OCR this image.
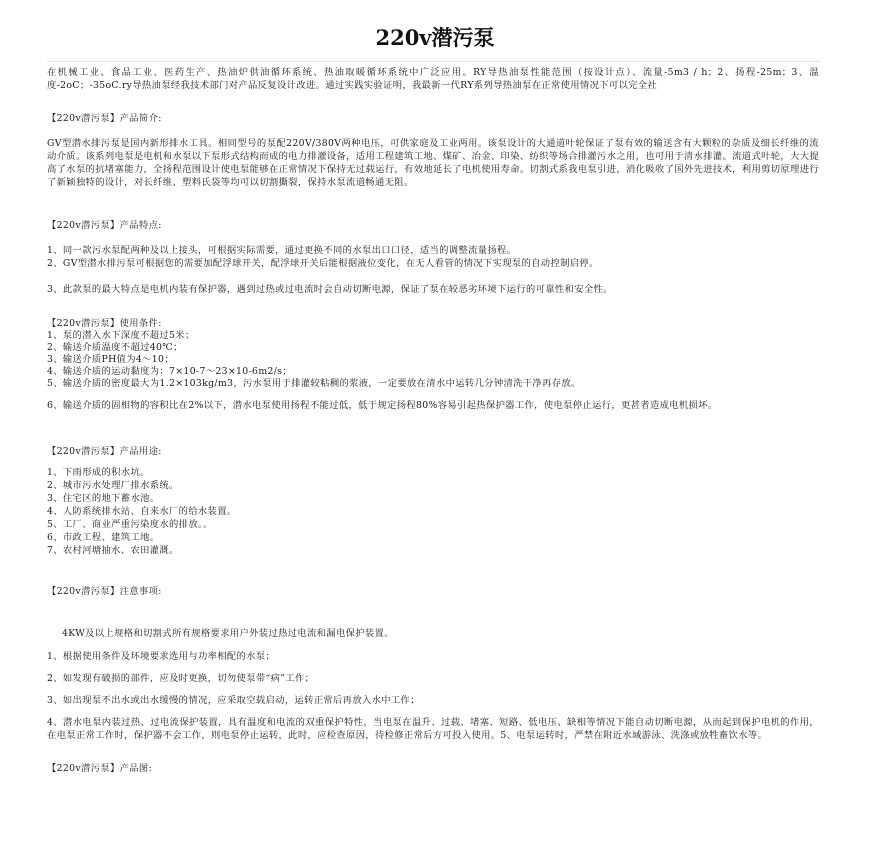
220v潜污泵
在机械工业、食品工业、医药生产、热油炉供油循环系统、热油取暖循环系统中广泛应用。RY导热油泵性能范围（按设计点）、流量-5m3 / h；2、扬程-25m；3、温度-2oC；-35oC.ry导热油泵经我技术部门对产品反复设计改进。通过实践实验证明，我最新一代RY系列导热油泵在正常使用情况下可以完全社
【220v潜污泵】产品简介:
GV型潜水排污泵是国内新形排水工具。相同型号的泵配220V/380V两种电压，可供家庭及工业两用。该泵设计的大通道叶轮保证了泵有效的输送含有大颗粒的杂质及细长纤维的流动介质。该系列电泵是电机和水泵以下泵形式结构而成的电力排灌设备，适用工程建筑工地、煤矿、冶金、印染、纺织等场合排灌污水之用，也可用于清水排灌。流道式叶轮，大大提高了水泵的抗堵塞能力，全扬程范围设计使电泵能够在正常情况下保持无过载运行，有效地延长了电机使用寿命。切割式系我电泵引进，消化吸收了国外先进技术，利用剪切原理进行了新颖独特的设计，对长纤维、塑料氏袋等均可以切割撕裂，保持水泵流道畅通无阻。
【220v潜污泵】产品特点:
1、同一款污水泵配两种及以上接头，可根据实际需要，通过更换不同的水泵出口口径，适当的调整流量扬程。
2、GV型潜水排污泵可根据您的需要加配浮球开关，配浮球开关后能根据液位变化，在无人看管的情况下实现泵的自动控制启停。
3、此款泵的最大特点是电机内装有保护器，遇到过热或过电流时会自动切断电源，保证了泵在较恶劣环境下运行的可靠性和安全性。
【220v潜污泵】使用条件:
1、泵的潜入水下深度不超过5米；
2、输送介质温度不超过40℃；
3、输送介质PH值为4～10；
4、输送介质的运动黏度为：7×10-7～23×10-6m2/s；
5、输送介质的密度最大为1.2×103kg/m3，污水泵用于排灌较粘稠的浆液，一定要放在清水中运转几分钟清洗干净再存放。
6、输送介质的固相物的容积比在2%以下，潜水电泵使用扬程不能过低，低于规定扬程80%容易引起热保护器工作，使电泵停止运行，更甚者造成电机损坏。
【220v潜污泵】产品用途:
1、下雨形成的积水坑。
2、城市污水处理厂排水系统。
3、住宅区的地下蓄水池。
4、人防系统排水站、自来水厂的给水装置。
5、工厂、商业严重污染度水的排放。。
6、市政工程、建筑工地。
7、农村河塘抽水、农田灌溉。
【220v潜污泵】注意事项:
4KW及以上规格和切割式所有规格要求用户外装过热过电流和漏电保护装置。
1、根据使用条件及环境要求选用与功率相配的水泵；
2、如发现有破损的部件，应及时更换，切勿使泵带“病”工作；
3、如出现泵不出水或出水缓慢的情况，应采取空载启动，运转正常后再放入水中工作；
4、潜水电泵内装过热、过电流保护装置，具有温度和电流的双重保护特性，当电泵在温升、过载、堵塞、短路、低电压、缺相等情况下能自动切断电源，从而起到保护电机的作用，在电泵正常工作时，保护器不会工作，则电泵停止运转，此时，应检查原因，待检修正常后方可投入使用。5、电泵运转时，严禁在附近水域游泳、洗涤或放牲畜饮水等。
【220v潜污泵】产品图:
